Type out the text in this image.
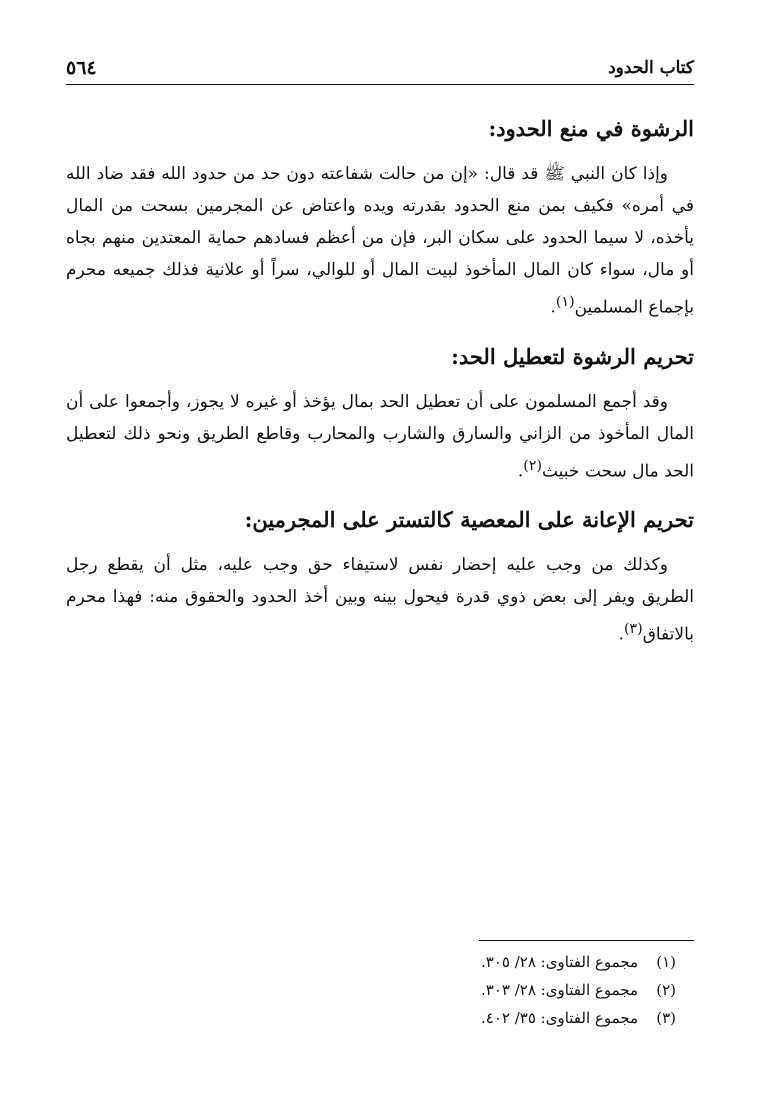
كتاب الحدود
٥٦٤
الرشوة في منع الحدود:

وإذا كان النبي ﷺ قد قال: «إن من حالت شفاعته دون حد من حدود الله فقد ضاد الله في أمره» فكيف بمن منع الحدود بقدرته ويده واعتاض عن المجرمين بسحت من المال يأخذه، لا سيما الحدود على سكان البر، فإن من أعظم فسادهم حماية المعتدين منهم بجاه أو مال، سواء كان المال المأخوذ لبيت المال أو للوالي، سراً أو علانية فذلك جميعه محرم بإجماع المسلمين$^{(١)}$.

تحريم الرشوة لتعطيل الحد:

وقد أجمع المسلمون على أن تعطيل الحد بمال يؤخذ أو غيره لا يجوز، وأجمعوا على أن المال المأخوذ من الزاني والسارق والشارب والمحارب وقاطع الطريق ونحو ذلك لتعطيل الحد مال سحت خبيث$^{(٢)}$.

تحريم الإعانة على المعصية كالتستر على المجرمين:

وكذلك من وجب عليه إحضار نفس لاستيفاء حق وجب عليه، مثل أن يقطع رجل الطريق ويفر إلى بعض ذوي قدرة فيحول بينه وبين أخذ الحدود والحقوق منه: فهذا محرم بالاتفاق$^{(٣)}$.

(١)
مجموع الفتاوى: ٢٨/ ٣٠٥.
(٢)
مجموع الفتاوى: ٢٨/ ٣٠٣.
(٣)
مجموع الفتاوى: ٣٥/ ٤٠٢.
